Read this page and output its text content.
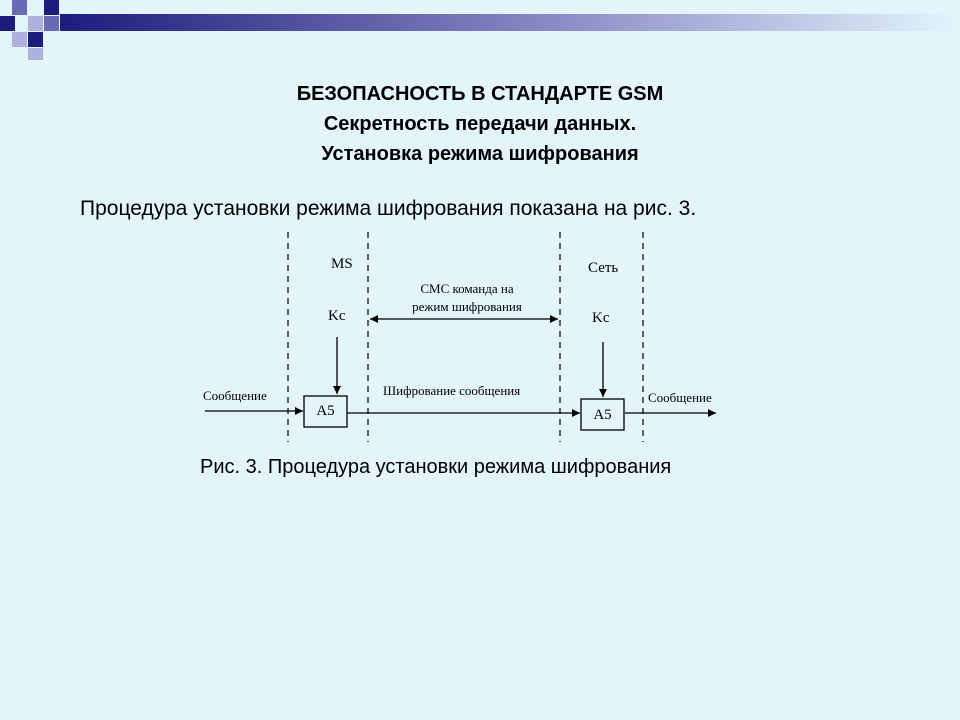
БЕЗОПАСНОСТЬ В СТАНДАРТЕ GSM
Секретность передачи данных.
Установка режима шифрования
Процедура установки режима шифрования показана на рис. 3.
MS	Сеть
CMC команда на
режим шифрования
Kc	Kc
Сообщение	Шифрование сообщения	Сообщение
A5	A5
Рис. 3. Процедура установки режима шифрования
